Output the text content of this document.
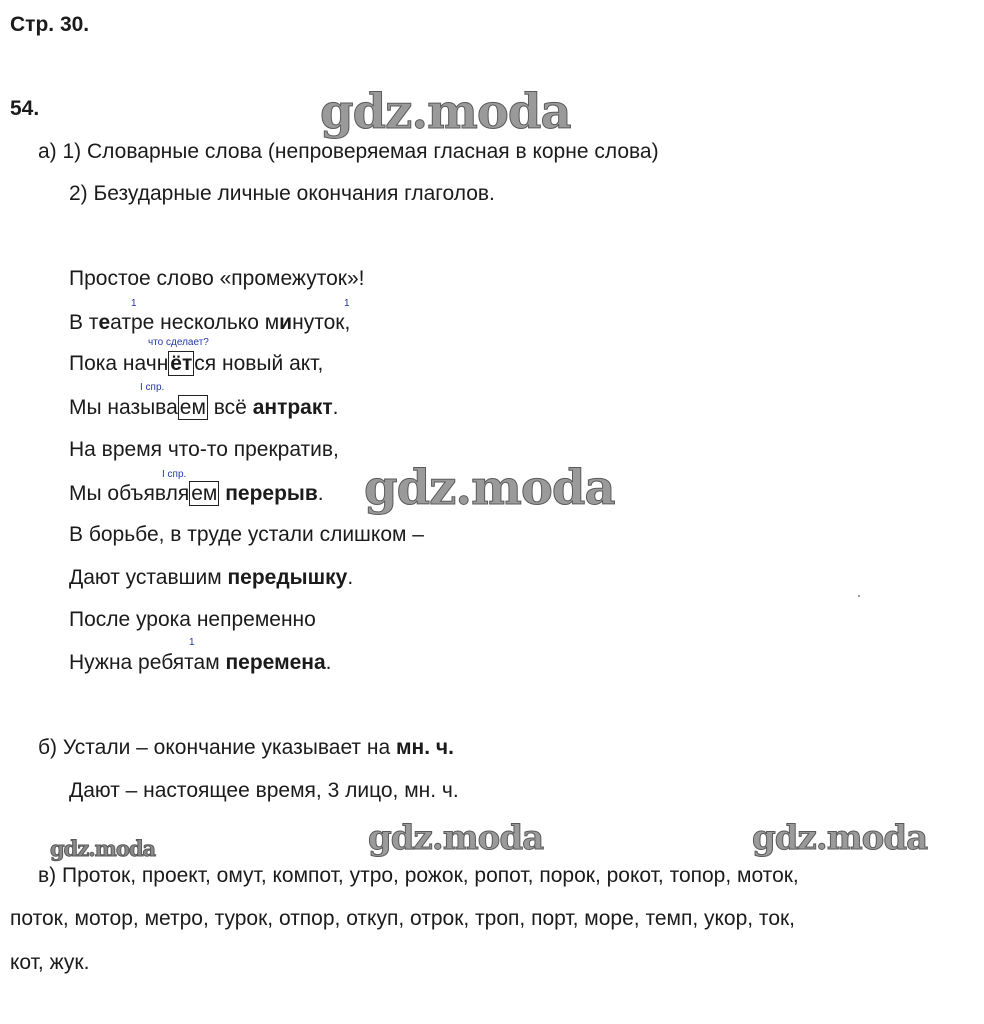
gdz.moda
Стр. 30.
54.
а) 1) Словарные слова (непроверяемая гласная в корне слова)
2) Безударные личные окончания глаголов.
Простое слово «промежуток»!
1	1
В театре несколько минуток,
что сделает?
Пока начнётся новый акт,
I спр.
Мы называем всё антракт.
На время что-то прекратив,
I спр.
Мы объявляем перерыв.
В борьбе, в труде устали слишком –
Дают уставшим передышку.
После урока непременно
1
Нужна ребятам перемена.
б) Устали – окончание указывает на мн. ч.
Дают – настоящее время, 3 лицо, мн. ч.
в) Проток, проект, омут, компот, утро, рожок, ропот, порок, рокот, топор, моток,
поток, мотор, метро, турок, отпор, откуп, отрок, троп, порт, море, темп, укор, ток,
кот, жук.
gdz.moda
gdz.moda	gdz.moda
gdz.moda
